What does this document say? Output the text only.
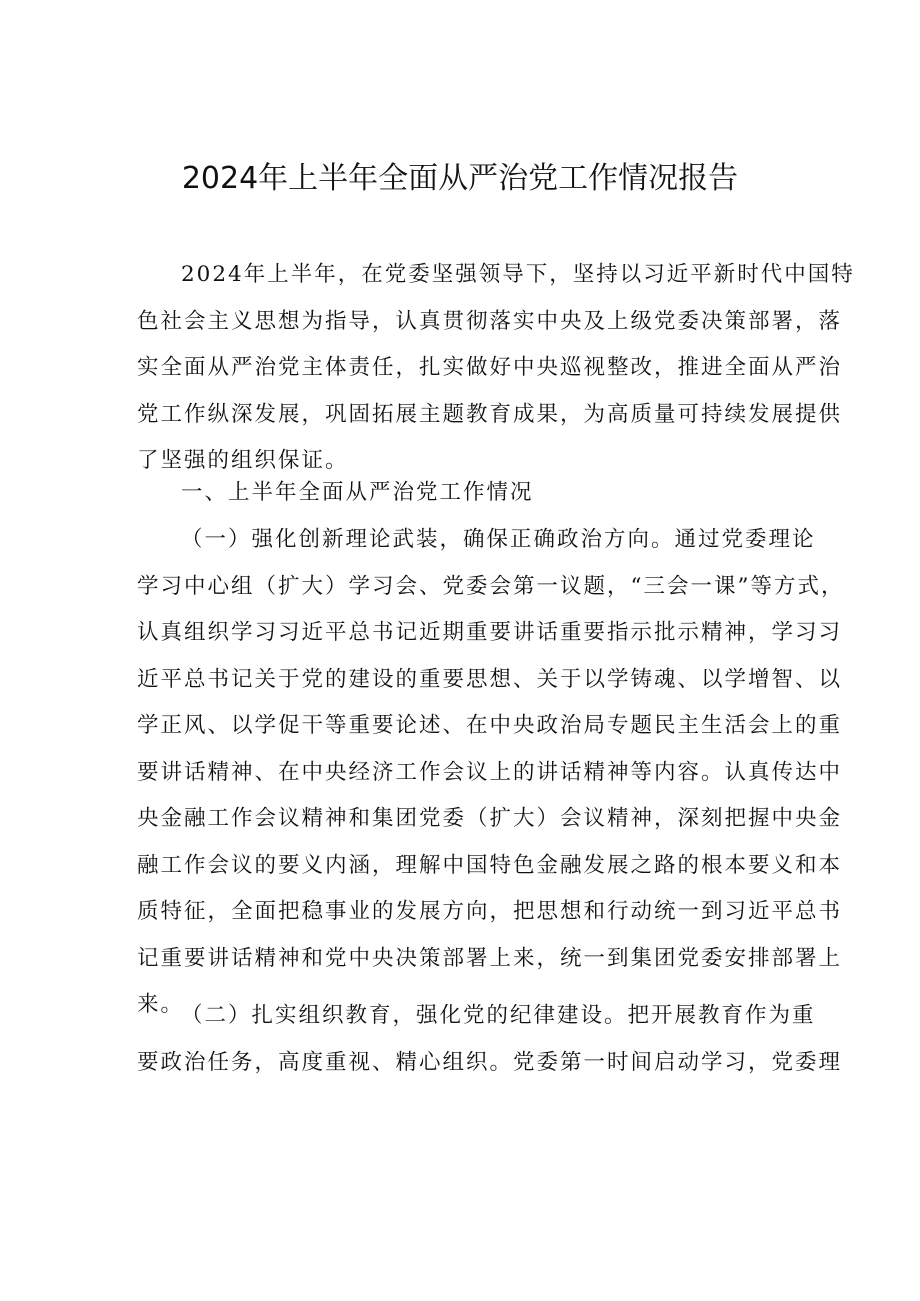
2024年上半年全面从严治党工作情况报告
2024年上半年，在党委坚强领导下，坚持以习近平新时代中国特
色社会主义思想为指导，认真贯彻落实中央及上级党委决策部署，落
实全面从严治党主体责任，扎实做好中央巡视整改，推进全面从严治
党工作纵深发展，巩固拓展主题教育成果，为高质量可持续发展提供
了坚强的组织保证。
一、上半年全面从严治党工作情况
（一）强化创新理论武装，确保正确政治方向。通过党委理论
学习中心组（扩大）学习会、党委会第一议题，“三会一课”等方式，
认真组织学习习近平总书记近期重要讲话重要指示批示精神，学习习
近平总书记关于党的建设的重要思想、关于以学铸魂、以学增智、以
学正风、以学促干等重要论述、在中央政治局专题民主生活会上的重
要讲话精神、在中央经济工作会议上的讲话精神等内容。认真传达中
央金融工作会议精神和集团党委（扩大）会议精神，深刻把握中央金
融工作会议的要义内涵，理解中国特色金融发展之路的根本要义和本
质特征，全面把稳事业的发展方向，把思想和行动统一到习近平总书
记重要讲话精神和党中央决策部署上来，统一到集团党委安排部署上
来。
（二）扎实组织教育，强化党的纪律建设。把开展教育作为重
要政治任务，高度重视、精心组织。党委第一时间启动学习，党委理
